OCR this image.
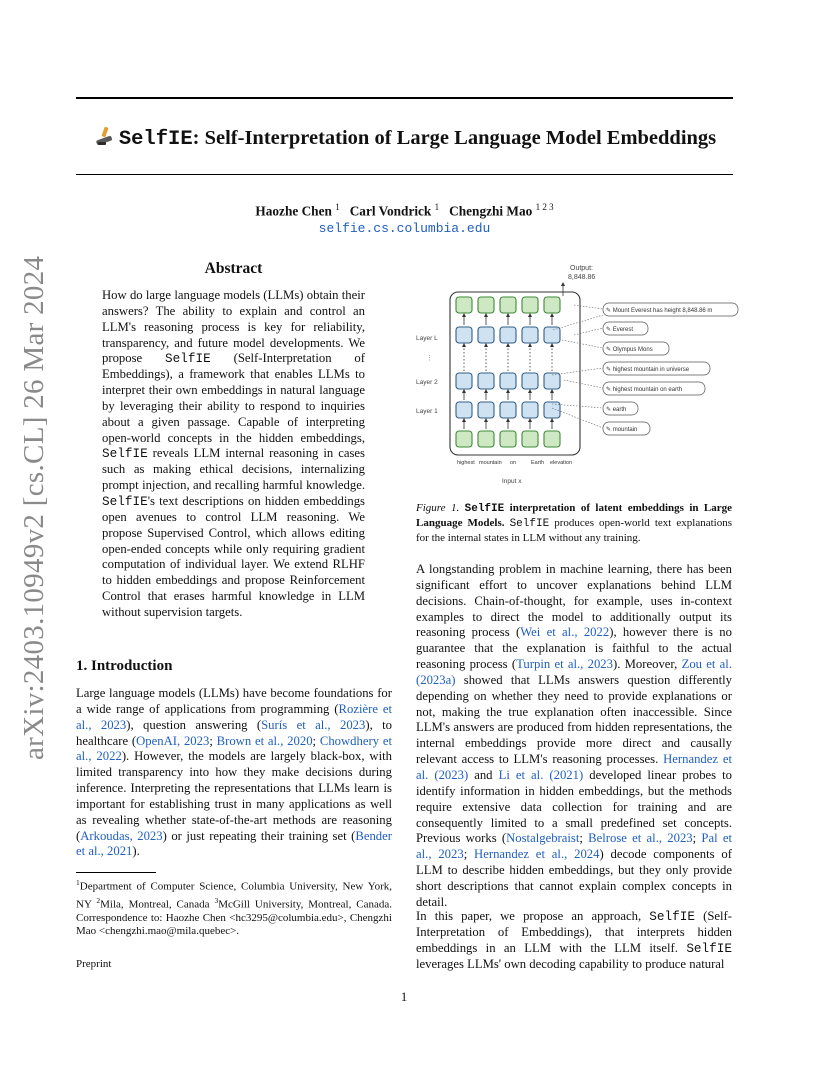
arXiv:2403.10949v2 [cs.CL] 26 Mar 2024
SelfIE: Self-Interpretation of Large Language Model Embeddings
Haozhe Chen $^1$ Carl Vondrick $^1$ Chengzhi Mao $^{1 2 3}$
selfie.cs.columbia.edu
Abstract
How do large language models (LLMs) obtain their answers? The ability to explain and control an LLM's reasoning process is key for reliability, transparency, and future model developments. We propose SelfIE (Self-Interpretation of Embeddings), a framework that enables LLMs to interpret their own embeddings in natural language by leveraging their ability to respond to inquiries about a given passage. Capable of interpreting open-world concepts in the hidden embeddings, SelfIE reveals LLM internal reasoning in cases such as making ethical decisions, internalizing prompt injection, and recalling harmful knowledge. SelfIE's text descriptions on hidden embeddings open avenues to control LLM reasoning. We propose Supervised Control, which allows editing open-ended concepts while only requiring gradient computation of individual layer. We extend RLHF to hidden embeddings and propose Reinforcement Control that erases harmful knowledge in LLM without supervision targets.
1. Introduction
Large language models (LLMs) have become foundations for a wide range of applications from programming (Rozière et al., 2023), question answering (Surís et al., 2023), to healthcare (OpenAI, 2023; Brown et al., 2020; Chowdhery et al., 2022). However, the models are largely black-box, with limited transparency into how they make decisions during inference. Interpreting the representations that LLMs learn is important for establishing trust in many applications as well as revealing whether state-of-the-art methods are reasoning (Arkoudas, 2023) or just repeating their training set (Bender et al., 2021).
$^1$Department of Computer Science, Columbia University, New York, NY $^2$Mila, Montreal, Canada $^3$McGill University, Montreal, Canada. Correspondence to: Haozhe Chen <hc3295@columbia.edu>, Chengzhi Mao <chengzhi.mao@mila.quebec>.
Preprint
Output:
8,848.86
Layer L
Layer 2
Layer 1
⋮
highest mountain on	Earth elevation
Input x
✎ Mount Everest has height 8,848.86 m
✎ Everest
✎ Olympus Mons
✎ highest mountain in universe
✎ highest mountain on earth
✎ earth
✎ mountain
Figure 1. SelfIE interpretation of latent embeddings in Large Language Models. SelfIE produces open-world text explanations for the internal states in LLM without any training.
A longstanding problem in machine learning, there has been significant effort to uncover explanations behind LLM decisions. Chain-of-thought, for example, uses in-context examples to direct the model to additionally output its reasoning process (Wei et al., 2022), however there is no guarantee that the explanation is faithful to the actual reasoning process (Turpin et al., 2023). Moreover, Zou et al. (2023a) showed that LLMs answers question differently depending on whether they need to provide explanations or not, making the true explanation often inaccessible. Since LLM's answers are produced from hidden representations, the internal embeddings provide more direct and causally relevant access to LLM's reasoning processes. Hernandez et al. (2023) and Li et al. (2021) developed linear probes to identify information in hidden embeddings, but the methods require extensive data collection for training and are consequently limited to a small predefined set concepts. Previous works (Nostalgebraist; Belrose et al., 2023; Pal et al., 2023; Hernandez et al., 2024) decode components of LLM to describe hidden embeddings, but they only provide short descriptions that cannot explain complex concepts in detail.
In this paper, we propose an approach, SelfIE (Self-Interpretation of Embeddings), that interprets hidden embeddings in an LLM with the LLM itself. SelfIE leverages LLMs' own decoding capability to produce natural
1
